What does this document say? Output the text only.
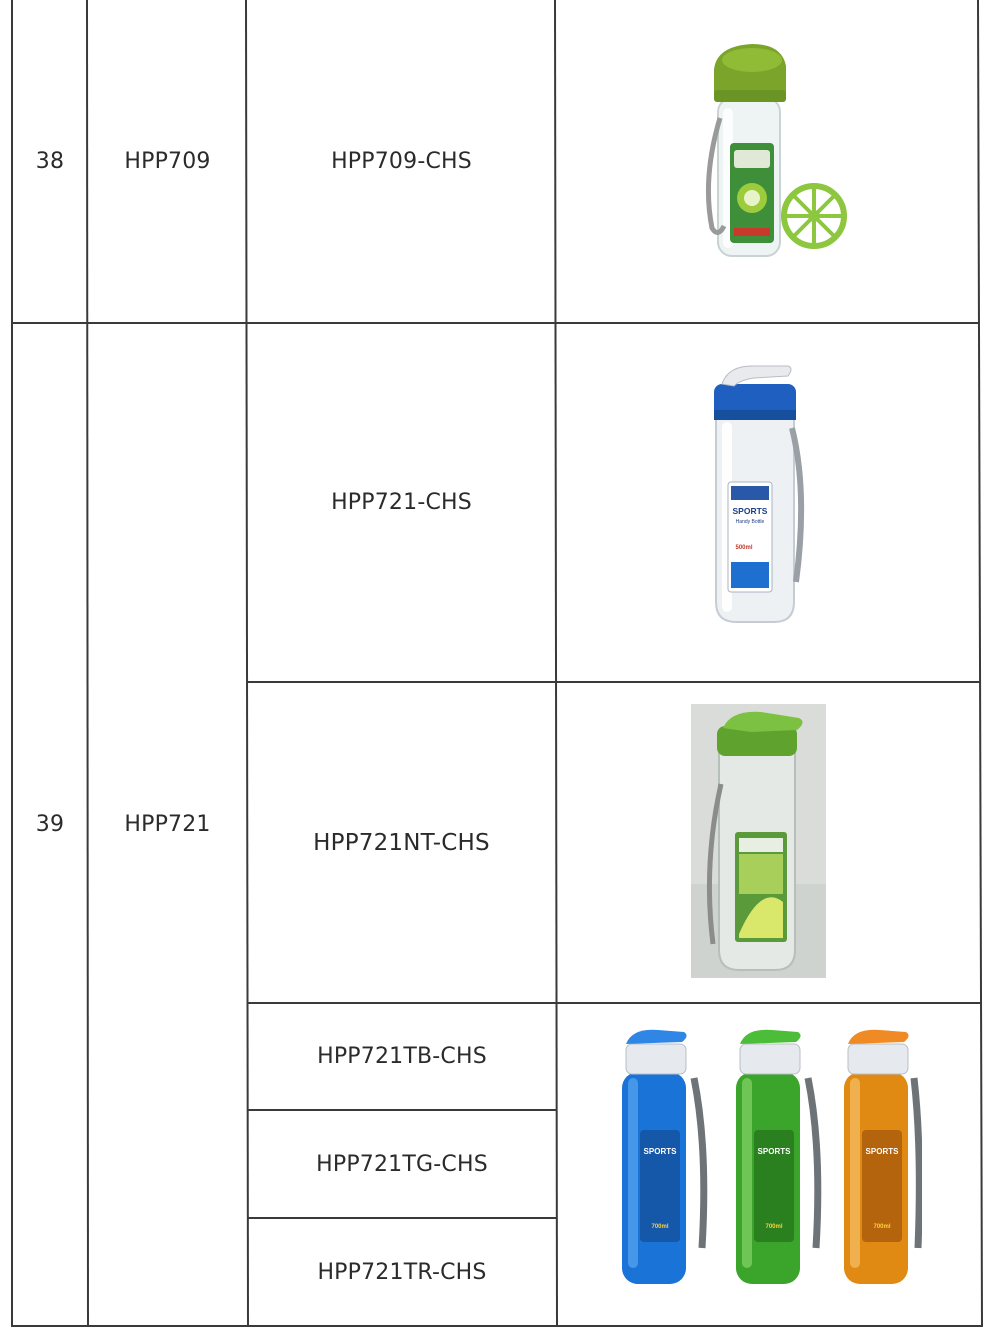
38	HPP709	HPP709-CHS
39	HPP721
HPP721-CHS
HPP721NT-CHS
HPP721TB-CHS
HPP721TG-CHS
HPP721TR-CHS
SPORTS
Handy Bottle
500ml
SPORTS
700ml
SPORTS
700ml
SPORTS
700ml
